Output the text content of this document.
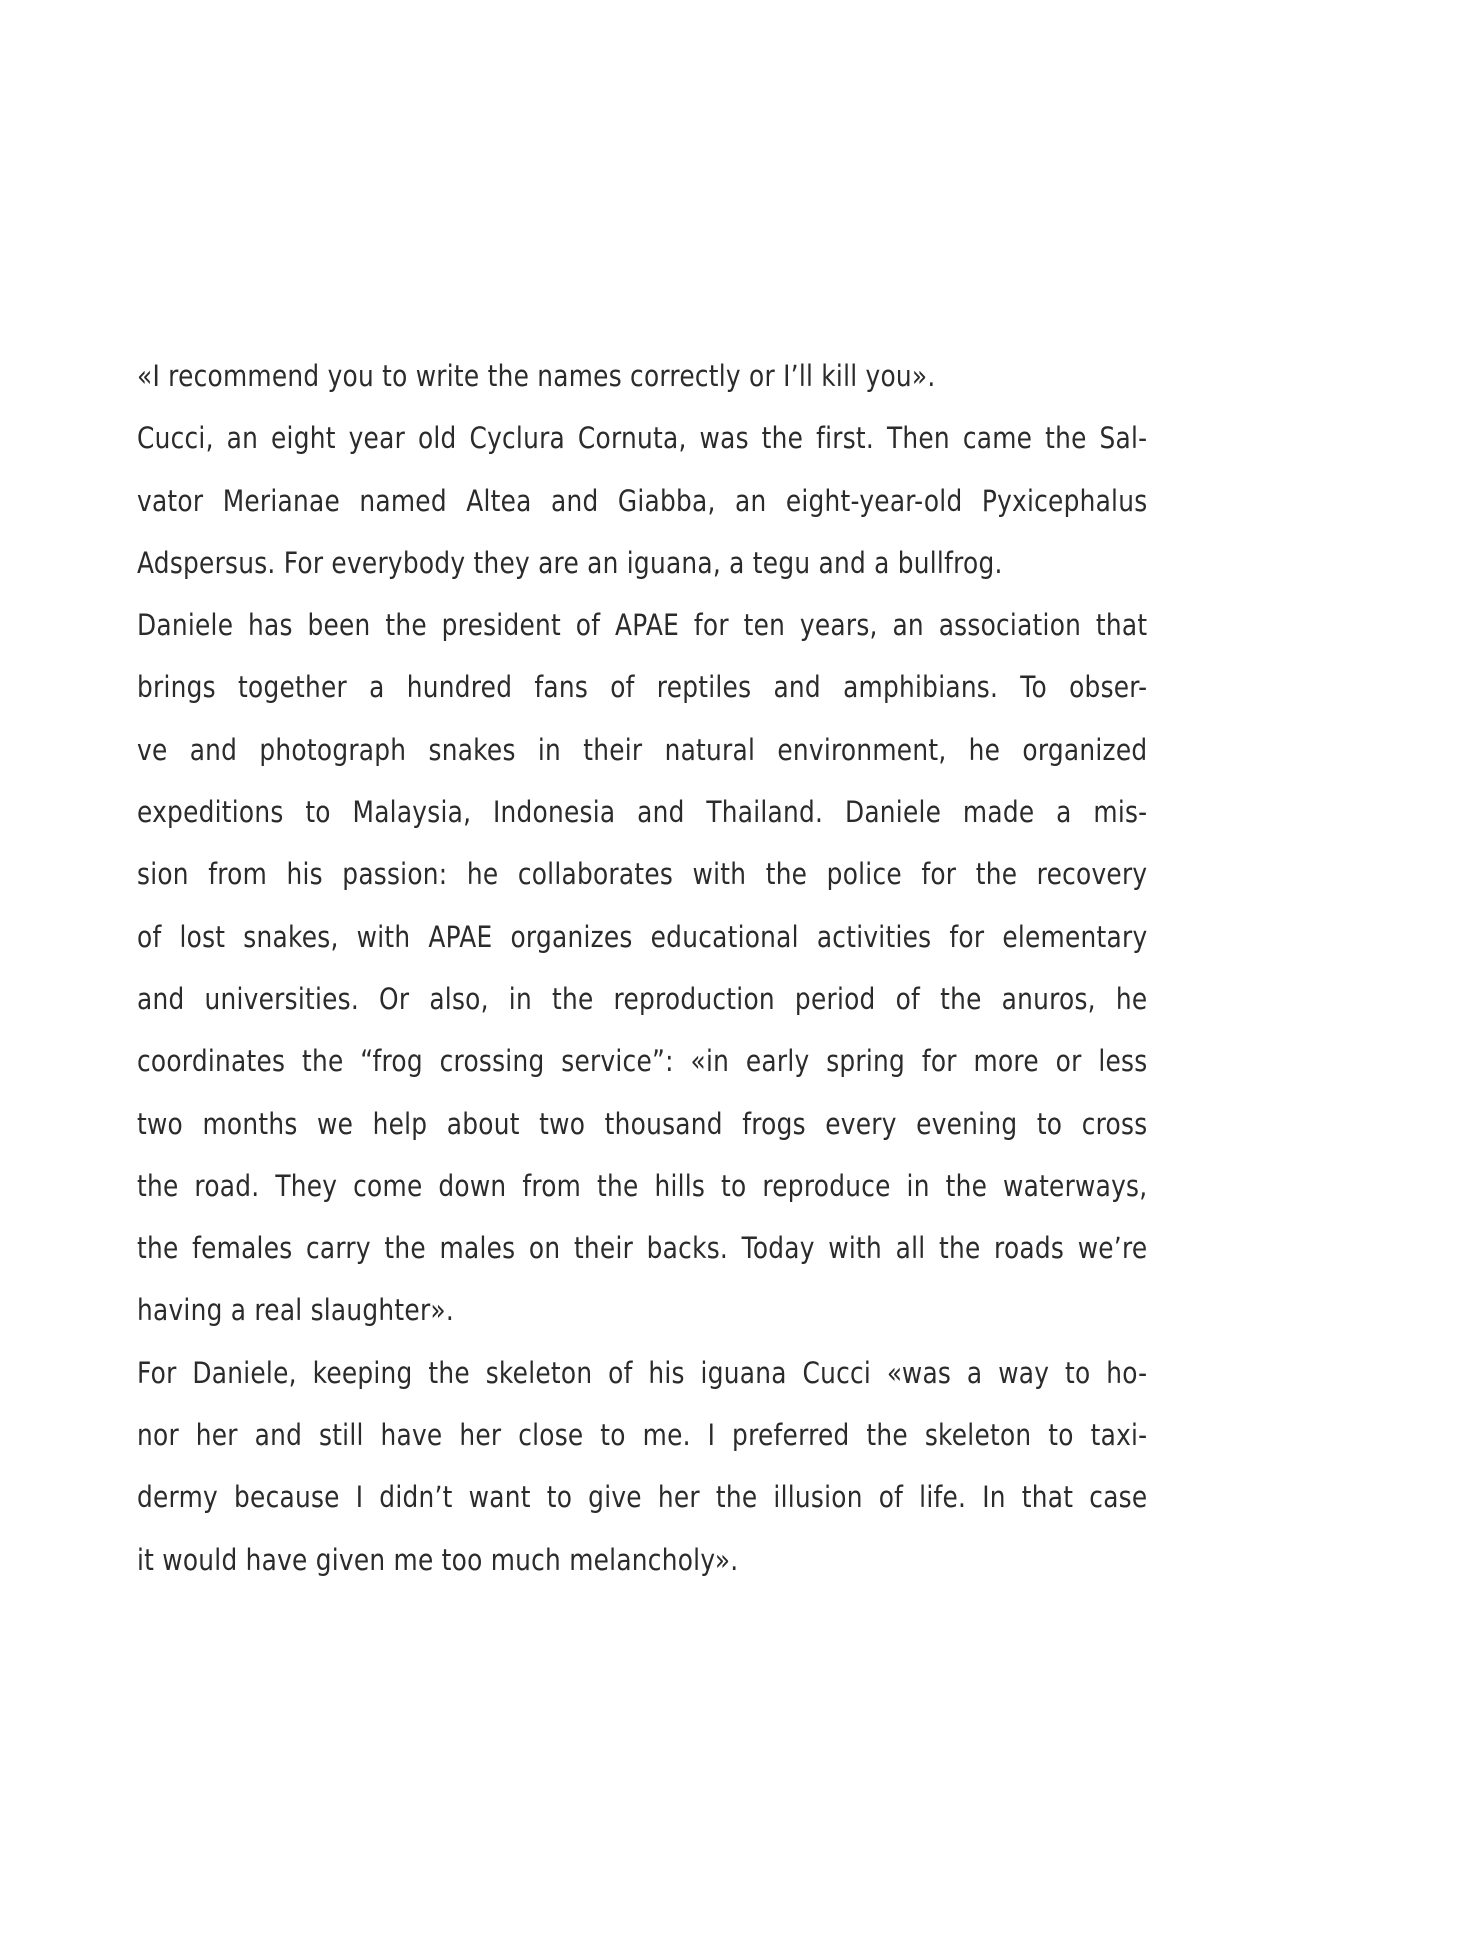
«I recommend you to write the names correctly or I’ll kill you».
Cucci, an eight year old Cyclura Cornuta, was the first. Then came the Sal-
vator Merianae named Altea and Giabba, an eight-year-old Pyxicephalus
Adspersus. For everybody they are an iguana, a tegu and a bullfrog.
Daniele has been the president of APAE for ten years, an association that
brings together a hundred fans of reptiles and amphibians. To obser-
ve and photograph snakes in their natural environment, he organized
expeditions to Malaysia, Indonesia and Thailand. Daniele made a mis-
sion from his passion: he collaborates with the police for the recovery
of lost snakes, with APAE organizes educational activities for elementary
and universities. Or also, in the reproduction period of the anuros, he
coordinates the “frog crossing service”: «in early spring for more or less
two months we help about two thousand frogs every evening to cross
the road. They come down from the hills to reproduce in the waterways,
the females carry the males on their backs. Today with all the roads we’re
having a real slaughter».
For Daniele, keeping the skeleton of his iguana Cucci «was a way to ho-
nor her and still have her close to me. I preferred the skeleton to taxi-
dermy because I didn’t want to give her the illusion of life. In that case
it would have given me too much melancholy».
